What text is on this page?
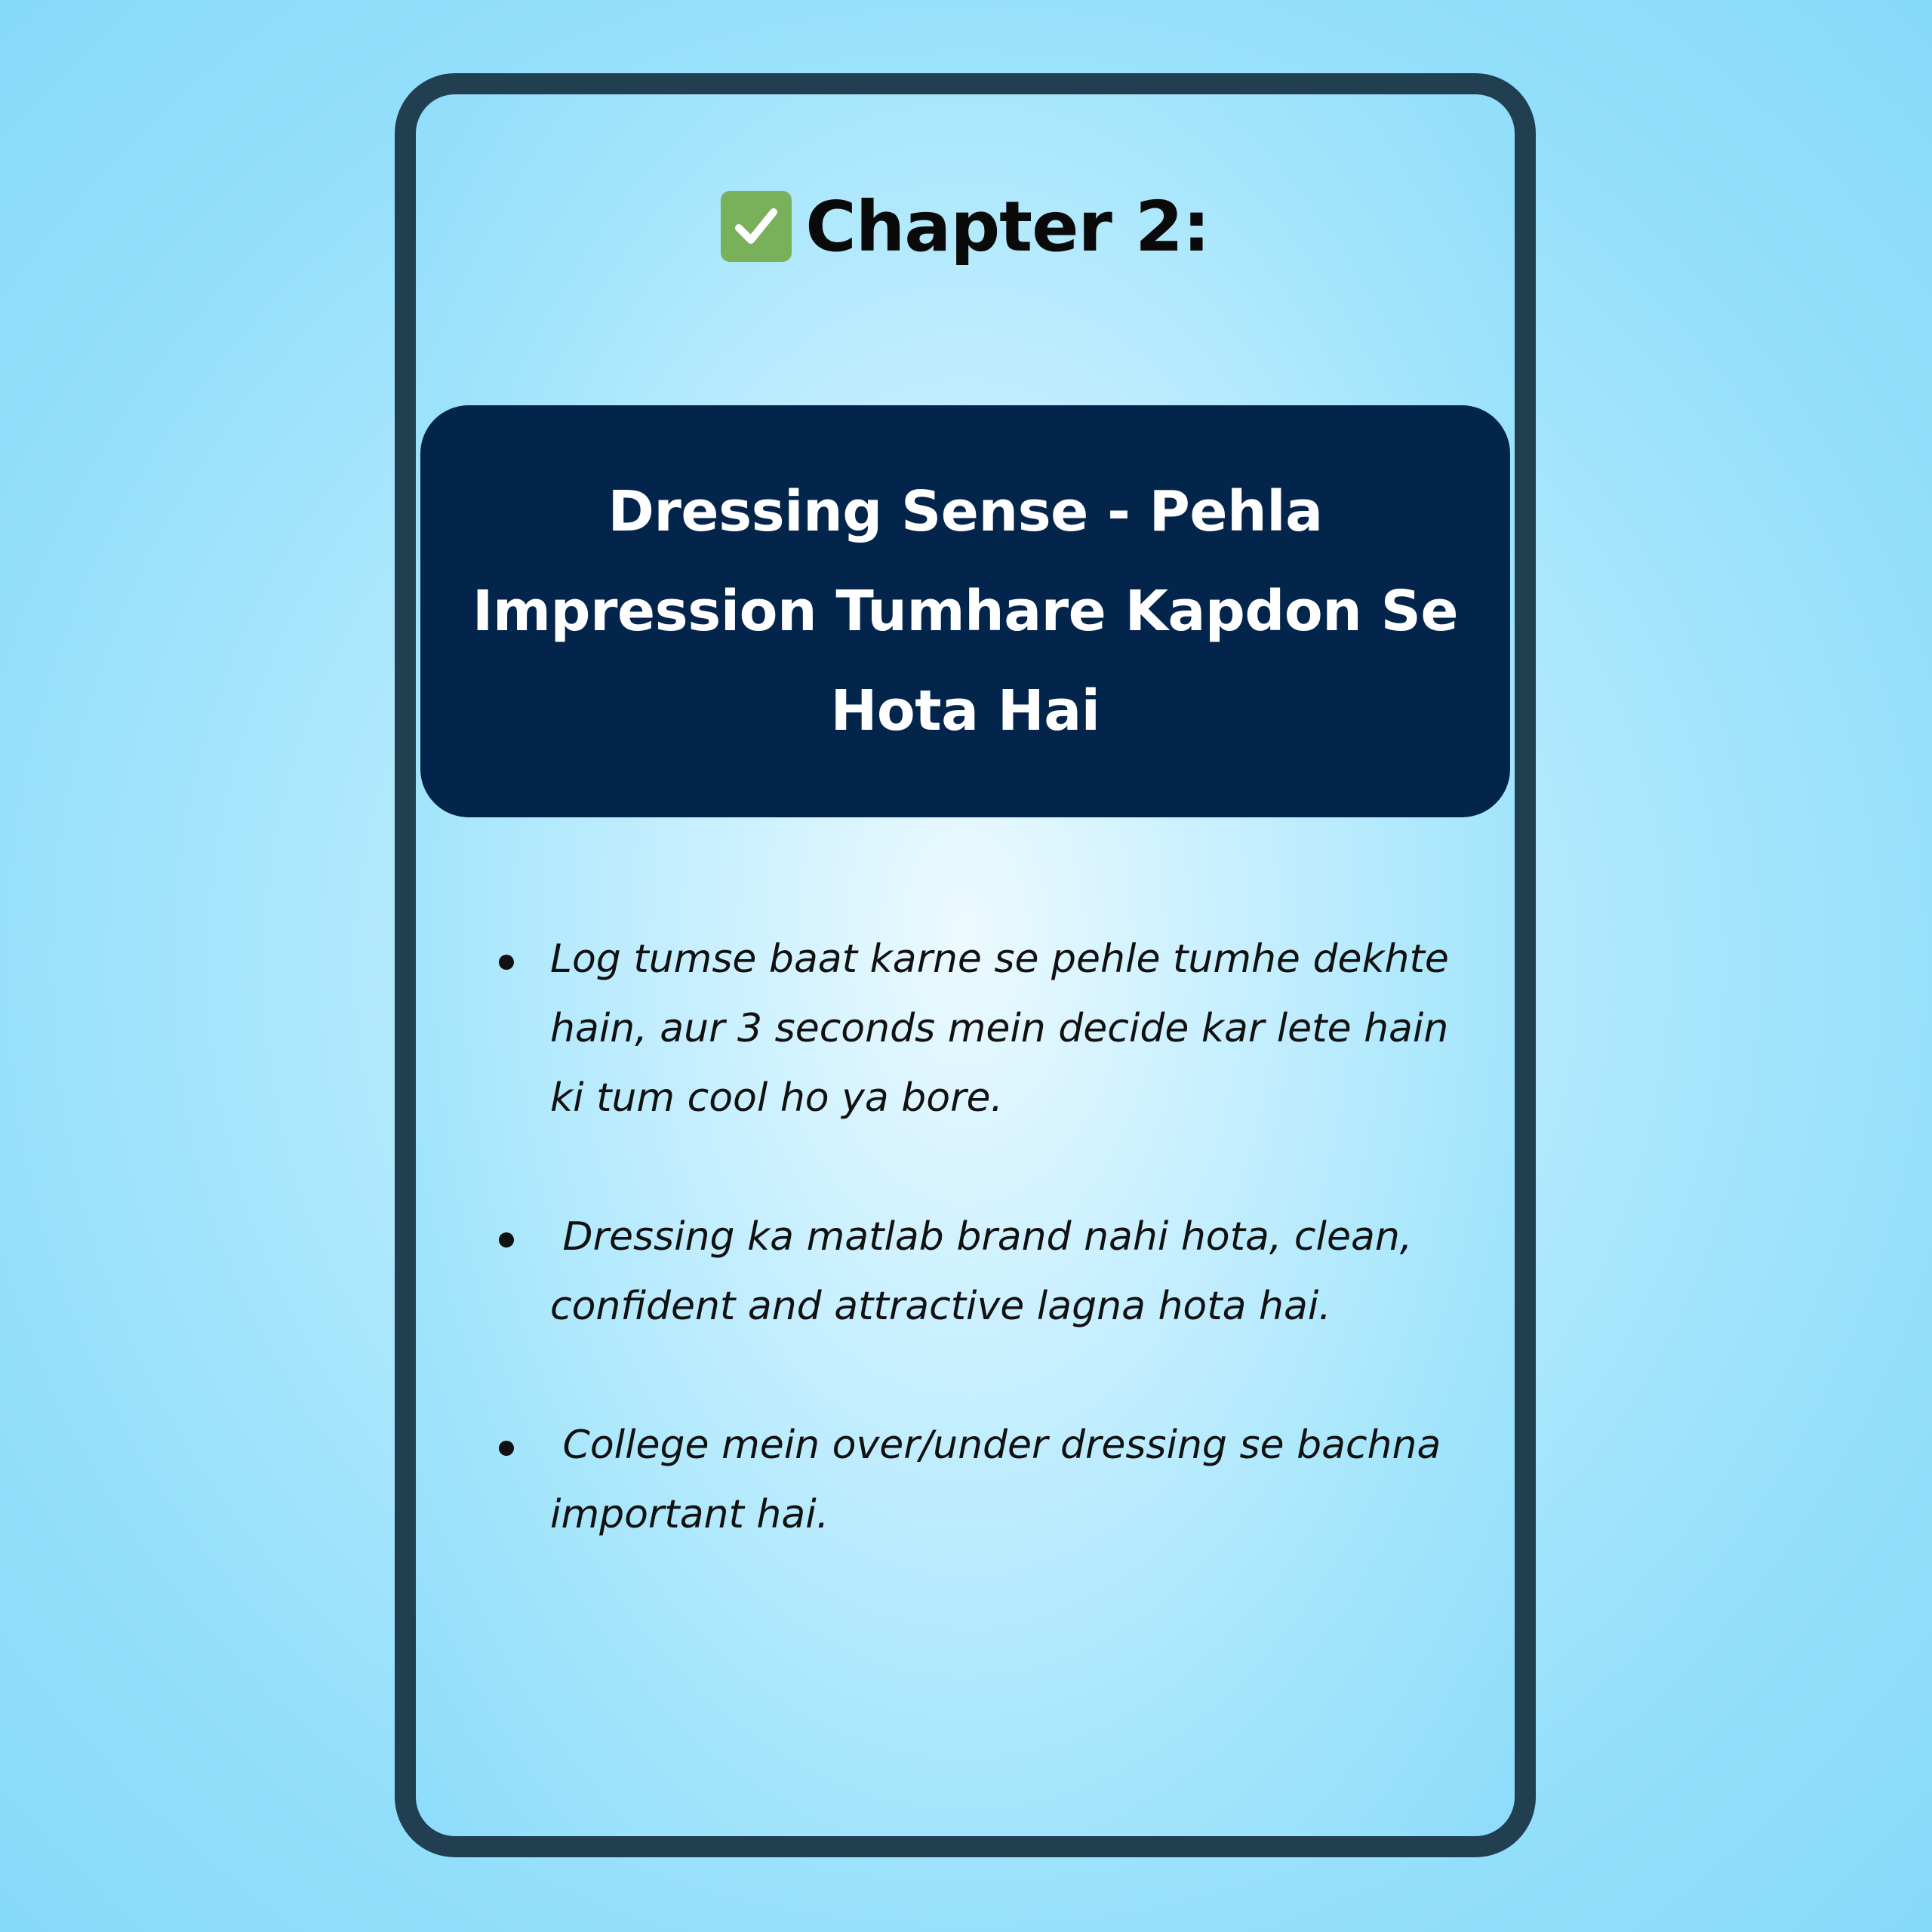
Chapter 2:

Dressing Sense - Pehla Impression Tumhare Kapdon Se Hota Hai

Log tumse baat karne se pehle tumhe dekhte hain, aur 3 seconds mein decide kar lete hain ki tum cool ho ya bore.
Dressing ka matlab brand nahi hota, clean, confident and attractive lagna hota hai.
College mein over/under dressing se bachna important hai.
